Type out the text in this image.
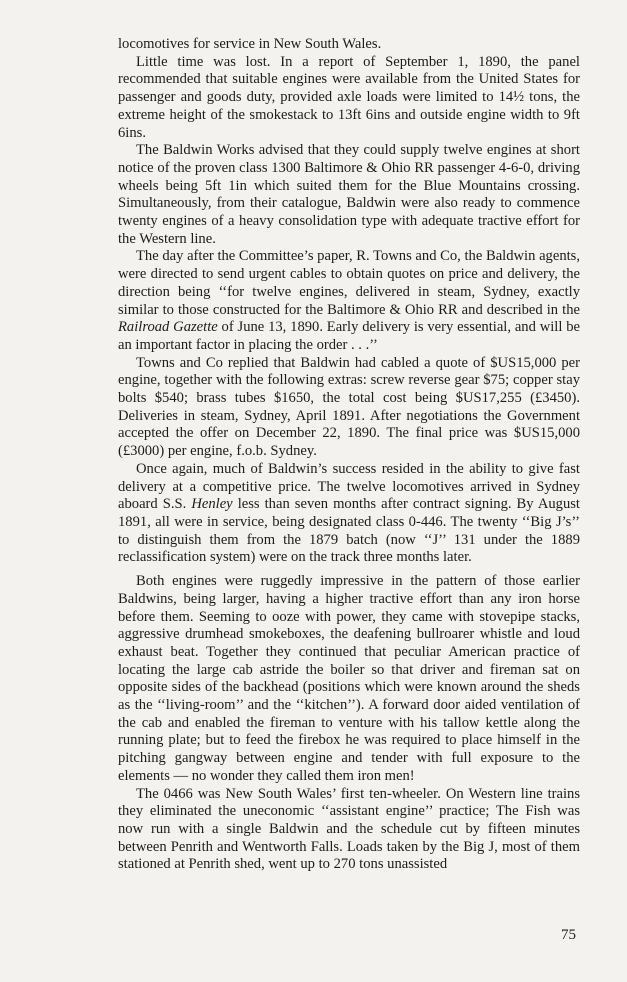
locomotives for service in New South Wales.

Little time was lost. In a report of September 1, 1890, the panel recommended that suitable engines were available from the United States for passenger and goods duty, provided axle loads were limited to 14½ tons, the extreme height of the smokestack to 13ft 6ins and outside engine width to 9ft 6ins.

The Baldwin Works advised that they could supply twelve engines at short notice of the proven class 1300 Baltimore & Ohio RR passenger 4-6-0, driving wheels being 5ft 1in which suited them for the Blue Mountains crossing. Simultaneously, from their catalogue, Baldwin were also ready to commence twenty engines of a heavy consolidation type with adequate tractive effort for the Western line.

The day after the Committee’s paper, R. Towns and Co, the Baldwin agents, were directed to send urgent cables to obtain quotes on price and delivery, the direction being ‘‘for twelve engines, delivered in steam, Sydney, exactly similar to those constructed for the Baltimore & Ohio RR and described in the Railroad Gazette of June 13, 1890. Early delivery is very essential, and will be an important factor in placing the order . . .’’

Towns and Co replied that Baldwin had cabled a quote of $US15,000 per engine, together with the following extras: screw reverse gear $75; copper stay bolts $540; brass tubes $1650, the total cost being $US17,255 (£3450). Deliveries in steam, Sydney, April 1891. After negotiations the Government accepted the offer on December 22, 1890. The final price was $US15,000 (£3000) per engine, f.o.b. Sydney.

Once again, much of Baldwin’s success resided in the ability to give fast delivery at a competitive price. The twelve locomotives arrived in Sydney aboard S.S. Henley less than seven months after contract signing. By August 1891, all were in service, being designated class 0-446. The twenty ‘‘Big J’s’’ to distinguish them from the 1879 batch (now ‘‘J’’ 131 under the 1889 reclassification system) were on the track three months later.

Both engines were ruggedly impressive in the pattern of those earlier Baldwins, being larger, having a higher tractive effort than any iron horse before them. Seeming to ooze with power, they came with stovepipe stacks, aggressive drumhead smokeboxes, the deafening bullroarer whistle and loud exhaust beat. Together they continued that peculiar American practice of locating the large cab astride the boiler so that driver and fireman sat on opposite sides of the backhead (positions which were known around the sheds as the ‘‘living-room’’ and the ‘‘kitchen’’). A forward door aided ventilation of the cab and enabled the fireman to venture with his tallow kettle along the running plate; but to feed the firebox he was required to place himself in the pitching gangway between engine and tender with full exposure to the elements — no wonder they called them iron men!

The 0466 was New South Wales’ first ten-wheeler. On Western line trains they eliminated the uneconomic ‘‘assistant engine’’ practice; The Fish was now run with a single Baldwin and the schedule cut by fifteen minutes between Penrith and Wentworth Falls. Loads taken by the Big J, most of them stationed at Penrith shed, went up to 270 tons unassisted

75
